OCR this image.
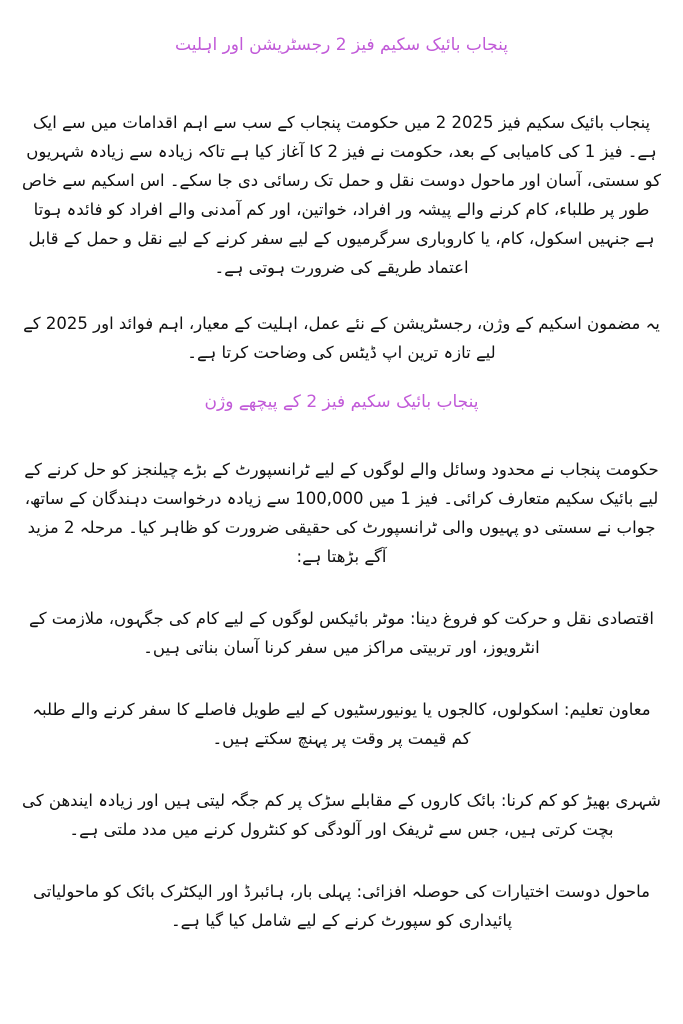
پنجاب بائیک سکیم فیز 2 رجسٹریشن اور اہلیت

پنجاب بائیک سکیم فیز 2025 2 میں حکومت پنجاب کے سب سے اہم اقدامات میں سے ایک ہے۔ فیز 1 کی کامیابی کے بعد، حکومت نے فیز 2 کا آغاز کیا ہے تاکہ زیادہ سے زیادہ شہریوں کو سستی، آسان اور ماحول دوست نقل و حمل تک رسائی دی جا سکے۔ اس اسکیم سے خاص طور پر طلباء، کام کرنے والے پیشہ ور افراد، خواتین، اور کم آمدنی والے افراد کو فائدہ ہوتا ہے جنہیں اسکول، کام، یا کاروباری سرگرمیوں کے لیے سفر کرنے کے لیے نقل و حمل کے قابل اعتماد طریقے کی ضرورت ہوتی ہے۔

یہ مضمون اسکیم کے وژن، رجسٹریشن کے نئے عمل، اہلیت کے معیار، اہم فوائد اور 2025 کے لیے تازہ ترین اپ ڈیٹس کی وضاحت کرتا ہے۔

پنجاب بائیک سکیم فیز 2 کے پیچھے وژن

حکومت پنجاب نے محدود وسائل والے لوگوں کے لیے ٹرانسپورٹ کے بڑے چیلنجز کو حل کرنے کے لیے بائیک سکیم متعارف کرائی۔ فیز 1 میں 100,000 سے زیادہ درخواست دہندگان کے ساتھ، جواب نے سستی دو پہیوں والی ٹرانسپورٹ کی حقیقی ضرورت کو ظاہر کیا۔ مرحلہ 2 مزید آگے بڑھتا ہے:

اقتصادی نقل و حرکت کو فروغ دینا: موٹر بائیکس لوگوں کے لیے کام کی جگہوں، ملازمت کے انٹرویوز، اور تربیتی مراکز میں سفر کرنا آسان بناتی ہیں۔

معاون تعلیم: اسکولوں، کالجوں یا یونیورسٹیوں کے لیے طویل فاصلے کا سفر کرنے والے طلبہ کم قیمت پر وقت پر پہنچ سکتے ہیں۔

شہری بھیڑ کو کم کرنا: بائک کاروں کے مقابلے سڑک پر کم جگہ لیتی ہیں اور زیادہ ایندھن کی بچت کرتی ہیں، جس سے ٹریفک اور آلودگی کو کنٹرول کرنے میں مدد ملتی ہے۔

ماحول دوست اختیارات کی حوصلہ افزائی: پہلی بار، ہائبرڈ اور الیکٹرک بائک کو ماحولیاتی پائیداری کو سپورٹ کرنے کے لیے شامل کیا گیا ہے۔
